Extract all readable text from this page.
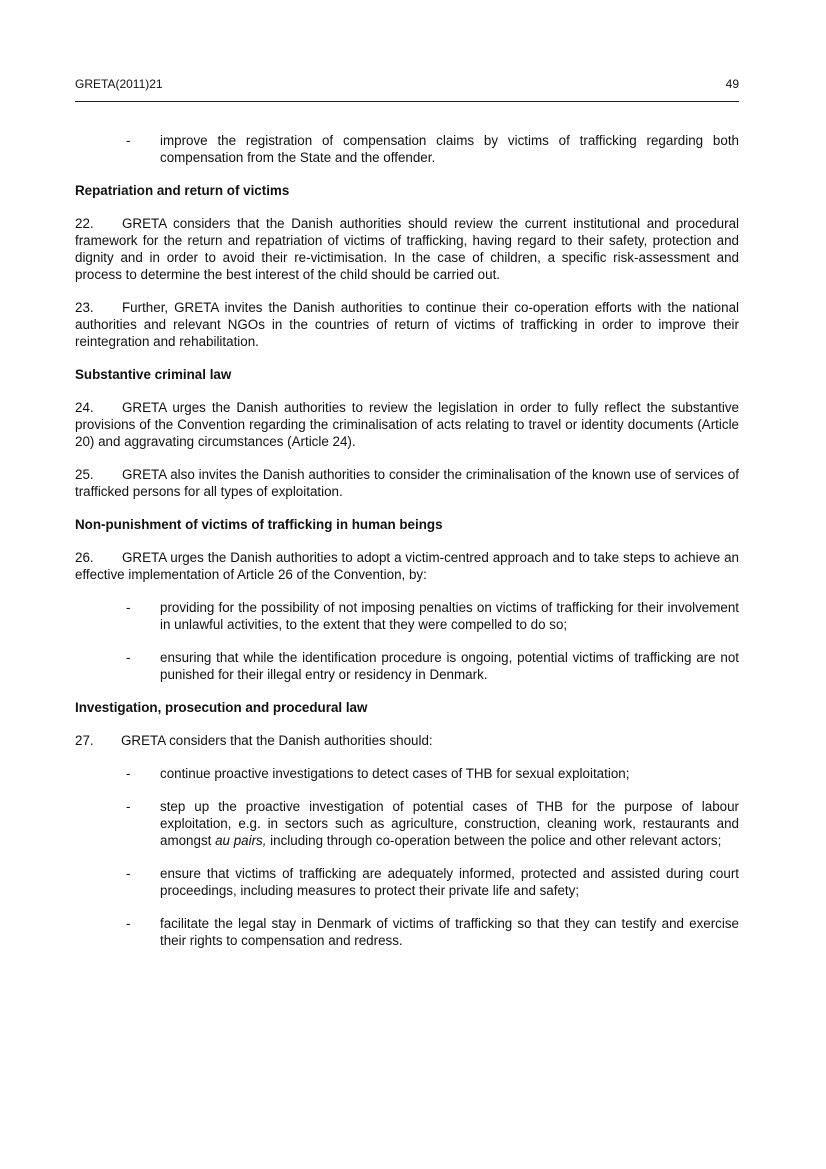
GRETA(2011)21	49
- improve the registration of compensation claims by victims of trafficking regarding both compensation from the State and the offender.

Repatriation and return of victims

22. GRETA considers that the Danish authorities should review the current institutional and procedural framework for the return and repatriation of victims of trafficking, having regard to their safety, protection and dignity and in order to avoid their re-victimisation. In the case of children, a specific risk-assessment and process to determine the best interest of the child should be carried out.

23. Further, GRETA invites the Danish authorities to continue their co-operation efforts with the national authorities and relevant NGOs in the countries of return of victims of trafficking in order to improve their reintegration and rehabilitation.

Substantive criminal law

24. GRETA urges the Danish authorities to review the legislation in order to fully reflect the substantive provisions of the Convention regarding the criminalisation of acts relating to travel or identity documents (Article 20) and aggravating circumstances (Article 24).

25. GRETA also invites the Danish authorities to consider the criminalisation of the known use of services of trafficked persons for all types of exploitation.

Non-punishment of victims of trafficking in human beings

26. GRETA urges the Danish authorities to adopt a victim-centred approach and to take steps to achieve an effective implementation of Article 26 of the Convention, by:

- providing for the possibility of not imposing penalties on victims of trafficking for their involvement in unlawful activities, to the extent that they were compelled to do so;
- ensuring that while the identification procedure is ongoing, potential victims of trafficking are not punished for their illegal entry or residency in Denmark.

Investigation, prosecution and procedural law

27. GRETA considers that the Danish authorities should:

- continue proactive investigations to detect cases of THB for sexual exploitation;
- step up the proactive investigation of potential cases of THB for the purpose of labour exploitation, e.g. in sectors such as agriculture, construction, cleaning work, restaurants and amongst au pairs, including through co-operation between the police and other relevant actors;
- ensure that victims of trafficking are adequately informed, protected and assisted during court proceedings, including measures to protect their private life and safety;
- facilitate the legal stay in Denmark of victims of trafficking so that they can testify and exercise their rights to compensation and redress.
